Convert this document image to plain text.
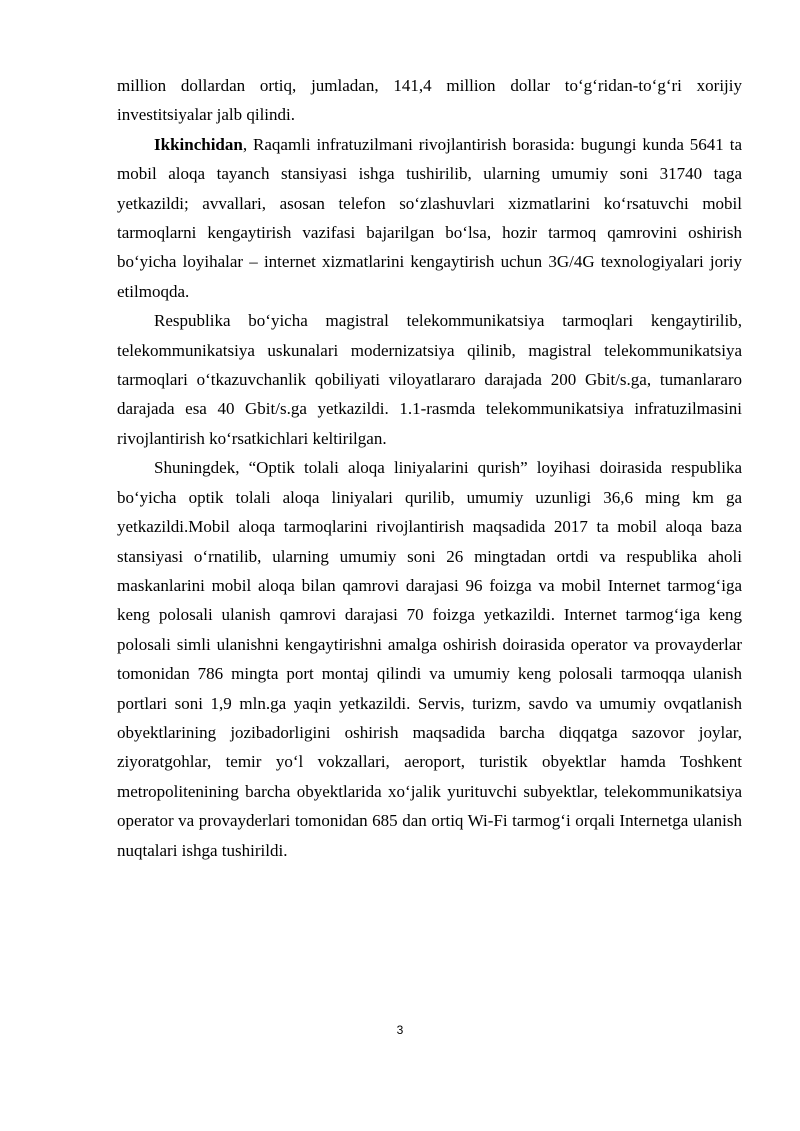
million dollardan ortiq, jumladan, 141,4 million dollar to‘g‘ridan-to‘g‘ri xorijiy investitsiyalar jalb qilindi.

Ikkinchidan, Raqamli infratuzilmani rivojlantirish borasida: bugungi kunda 5641 ta mobil aloqa tayanch stansiyasi ishga tushirilib, ularning umumiy soni 31740 taga yetkazildi; avvallari, asosan telefon so‘zlashuvlari xizmatlarini ko‘rsatuvchi mobil tarmoqlarni kengaytirish vazifasi bajarilgan bo‘lsa, hozir tarmoq qamrovini oshirish bo‘yicha loyihalar – internet xizmatlarini kengaytirish uchun 3G/4G texnologiyalari joriy etilmoqda.

Respublika bo‘yicha magistral telekommunikatsiya tarmoqlari kengaytirilib, telekommunikatsiya uskunalari modernizatsiya qilinib, magistral telekommunikatsiya tarmoqlari o‘tkazuvchanlik qobiliyati viloyatlararo darajada 200 Gbit/s.ga, tumanlararo darajada esa 40 Gbit/s.ga yetkazildi. 1.1-rasmda telekommunikatsiya infratuzilmasini rivojlantirish ko‘rsatkichlari keltirilgan.

Shuningdek, “Optik tolali aloqa liniyalarini qurish” loyihasi doirasida respublika bo‘yicha optik tolali aloqa liniyalari qurilib, umumiy uzunligi 36,6 ming km ga yetkazildi.Mobil aloqa tarmoqlarini rivojlantirish maqsadida 2017 ta mobil aloqa baza stansiyasi o‘rnatilib, ularning umumiy soni 26 mingtadan ortdi va respublika aholi maskanlarini mobil aloqa bilan qamrovi darajasi 96 foizga va mobil Internet tarmog‘iga keng polosali ulanish qamrovi darajasi 70 foizga yetkazildi. Internet tarmog‘iga keng polosali simli ulanishni kengaytirishni amalga oshirish doirasida operator va provayderlar tomonidan 786 mingta port montaj qilindi va umumiy keng polosali tarmoqqa ulanish portlari soni 1,9 mln.ga yaqin yetkazildi. Servis, turizm, savdo va umumiy ovqatlanish obyektlarining jozibadorligini oshirish maqsadida barcha diqqatga sazovor joylar, ziyoratgohlar, temir yo‘l vokzallari, aeroport, turistik obyektlar hamda Toshkent metropolitenining barcha obyektlarida xo‘jalik yurituvchi subyektlar, telekommunikatsiya operator va provayderlari tomonidan 685 dan ortiq Wi-Fi tarmog‘i orqali Internetga ulanish nuqtalari ishga tushirildi.

3
